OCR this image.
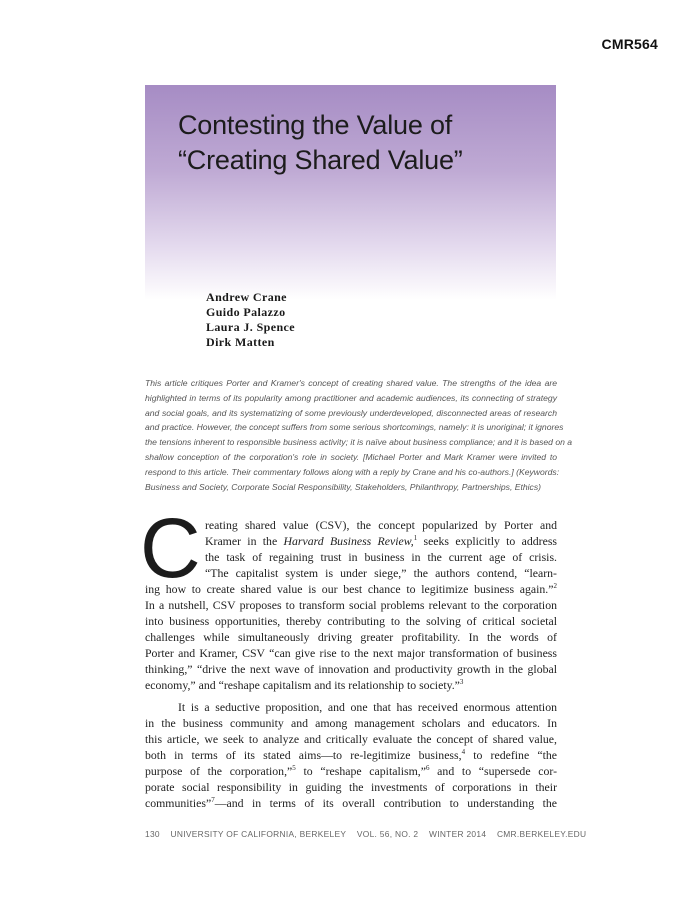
CMR564
Contesting the Value of
“Creating Shared Value”
Andrew Crane
Guido Palazzo
Laura J. Spence
Dirk Matten
This article critiques Porter and Kramer's concept of creating shared value. The strengths of the idea are
highlighted in terms of its popularity among practitioner and academic audiences, its connecting of strategy
and social goals, and its systematizing of some previously underdeveloped, disconnected areas of research
and practice. However, the concept suffers from some serious shortcomings, namely: it is unoriginal; it ignores
the tensions inherent to responsible business activity; it is naïve about business compliance; and it is based on a
shallow conception of the corporation's role in society. [Michael Porter and Mark Kramer were invited to
respond to this article. Their commentary follows along with a reply by Crane and his co-authors.] (Keywords:
Business and Society, Corporate Social Responsibility, Stakeholders, Philanthropy, Partnerships, Ethics)
C reating shared value (CSV), the concept popularized by Porter and
Kramer in the Harvard Business Review,$^1$ seeks explicitly to address
the task of regaining trust in business in the current age of crisis.
“The capitalist system is under siege,” the authors contend, “learn-
ing how to create shared value is our best chance to legitimize business again.”$^2$
In a nutshell, CSV proposes to transform social problems relevant to the corporation
into business opportunities, thereby contributing to the solving of critical societal
challenges while simultaneously driving greater profitability. In the words of
Porter and Kramer, CSV “can give rise to the next major transformation of business
thinking,” “drive the next wave of innovation and productivity growth in the global
economy,” and “reshape capitalism and its relationship to society.”$^3$
It is a seductive proposition, and one that has received enormous attention
in the business community and among management scholars and educators. In
this article, we seek to analyze and critically evaluate the concept of shared value,
both in terms of its stated aims—to re-legitimize business,$^4$ to redefine “the
purpose of the corporation,”$^5$ to “reshape capitalism,”$^6$ and to “supersede cor-
porate social responsibility in guiding the investments of corporations in their
communities”$^7$—and in terms of its overall contribution to understanding the
130 UNIVERSITY OF CALIFORNIA, BERKELEY VOL. 56, NO. 2 WINTER 2014 CMR.BERKELEY.EDU
